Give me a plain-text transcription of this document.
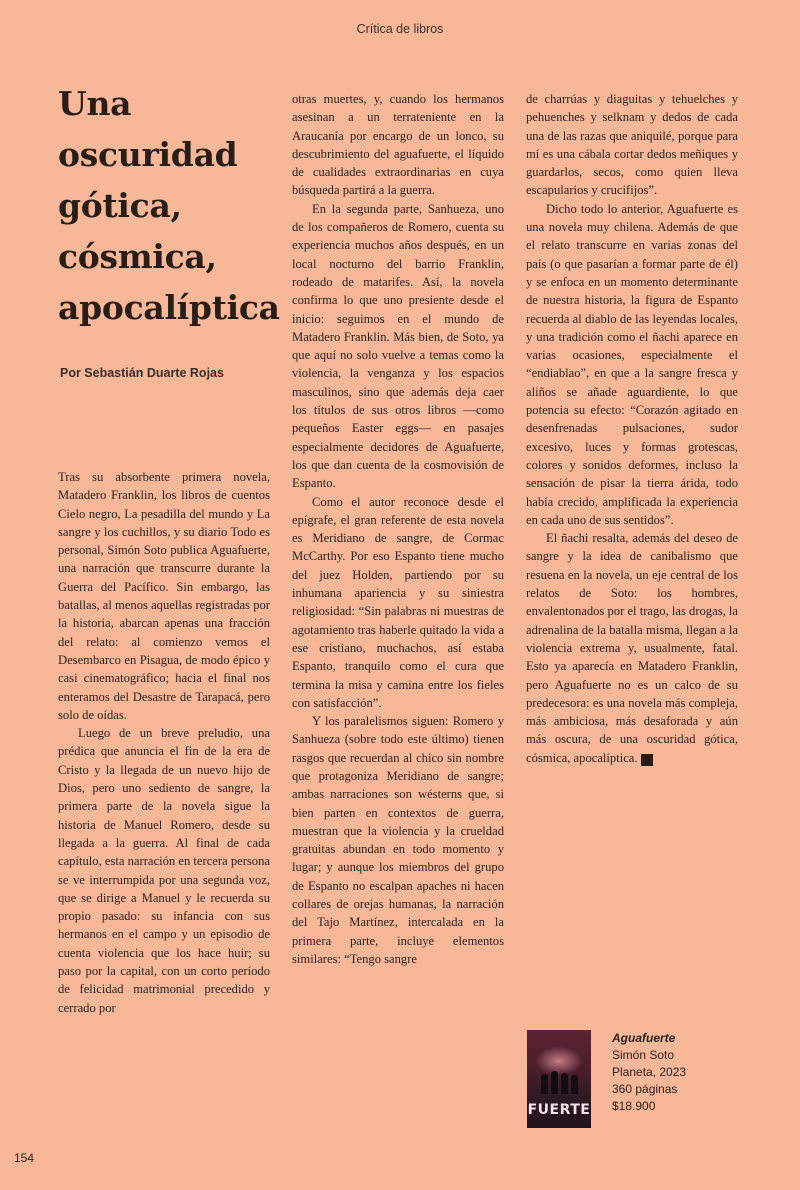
Crítica de libros
Una
oscuridad
gótica,
cósmica,
apocalíptica
Por Sebastián Duarte Rojas

Tras su absorbente primera novela, Matadero Franklin, los libros de cuentos Cielo negro, La pesadilla del mundo y La sangre y los cuchillos, y su diario Todo es personal, Simón Soto publica Aguafuerte, una narración que transcurre durante la Guerra del Pacífico. Sin embargo, las batallas, al menos aquellas registradas por la historia, abarcan apenas una fracción del relato: al comienzo vemos el Desembarco en Pisagua, de modo épico y casi cinematográfico; hacia el final nos enteramos del Desastre de Tarapacá, pero solo de oídas.

Luego de un breve preludio, una prédica que anuncia el fin de la era de Cristo y la llegada de un nuevo hijo de Dios, pero uno sediento de sangre, la primera parte de la novela sigue la historia de Manuel Romero, desde su llegada a la guerra. Al final de cada capítulo, esta narración en tercera persona se ve interrumpida por una segunda voz, que se dirige a Manuel y le recuerda su propio pasado: su infancia con sus hermanos en el campo y un episodio de cuenta violencia que los hace huir; su paso por la capital, con un corto período de felicidad matrimonial precedido y cerrado por

otras muertes, y, cuando los hermanos asesinan a un terrateniente en la Araucanía por encargo de un lonco, su descubrimiento del aguafuerte, el líquido de cualidades extraordinarias en cuya búsqueda partirá a la guerra.

En la segunda parte, Sanhueza, uno de los compañeros de Romero, cuenta su experiencia muchos años después, en un local nocturno del barrio Franklin, rodeado de matarifes. Así, la novela confirma lo que uno presiente desde el inicio: seguimos en el mundo de Matadero Franklin. Más bien, de Soto, ya que aquí no solo vuelve a temas como la violencia, la venganza y los espacios masculinos, sino que además deja caer los títulos de sus otros libros —como pequeños Easter eggs— en pasajes especialmente decidores de Aguafuerte, los que dan cuenta de la cosmovisión de Espanto.

Como el autor reconoce desde el epígrafe, el gran referente de esta novela es Meridiano de sangre, de Cormac McCarthy. Por eso Espanto tiene mucho del juez Holden, partiendo por su inhumana apariencia y su siniestra religiosidad: “Sin palabras ni muestras de agotamiento tras haberle quitado la vida a ese cristiano, muchachos, así estaba Espanto, tranquilo como el cura que termina la misa y camina entre los fieles con satisfacción”.

Y los paralelismos siguen: Romero y Sanhueza (sobre todo este último) tienen rasgos que recuerdan al chico sin nombre que protagoniza Meridiano de sangre; ambas narraciones son wésterns que, si bien parten en contextos de guerra, muestran que la violencia y la crueldad gratuitas abundan en todo momento y lugar; y aunque los miembros del grupo de Espanto no escalpan apaches ni hacen collares de orejas humanas, la narración del Tajo Martínez, intercalada en la primera parte, incluye elementos similares: “Tengo sangre

de charrúas y diaguitas y tehuelches y pehuenches y selknam y dedos de cada una de las razas que aniquilé, porque para mí es una cábala cortar dedos meñiques y guardarlos, secos, como quien lleva escapularios y crucifijos”.

Dicho todo lo anterior, Aguafuerte es una novela muy chilena. Además de que el relato transcurre en varias zonas del país (o que pasarían a formar parte de él) y se enfoca en un momento determinante de nuestra historia, la figura de Espanto recuerda al diablo de las leyendas locales, y una tradición como el ñachi aparece en varias ocasiones, especialmente el “endiablao”, en que a la sangre fresca y aliños se añade aguardiente, lo que potencia su efecto: “Corazón agitado en desenfrenadas pulsaciones, sudor excesivo, luces y formas grotescas, colores y sonidos deformes, incluso la sensación de pisar la tierra árida, todo había crecido, amplificada la experiencia en cada uno de sus sentidos”.

El ñachi resalta, además del deseo de sangre y la idea de canibalismo que resuena en la novela, un eje central de los relatos de Soto: los hombres, envalentonados por el trago, las drogas, la adrenalina de la batalla misma, llegan a la violencia extrema y, usualmente, fatal. Esto ya aparecía en Matadero Franklin, pero Aguafuerte no es un calco de su predecesora: es una novela más compleja, más ambiciosa, más desaforada y aún más oscura, de una oscuridad gótica, cósmica, apocalíptica.	S

FUERTE
Aguafuerte
Simón Soto
Planeta, 2023
360 páginas
$18.900
154
